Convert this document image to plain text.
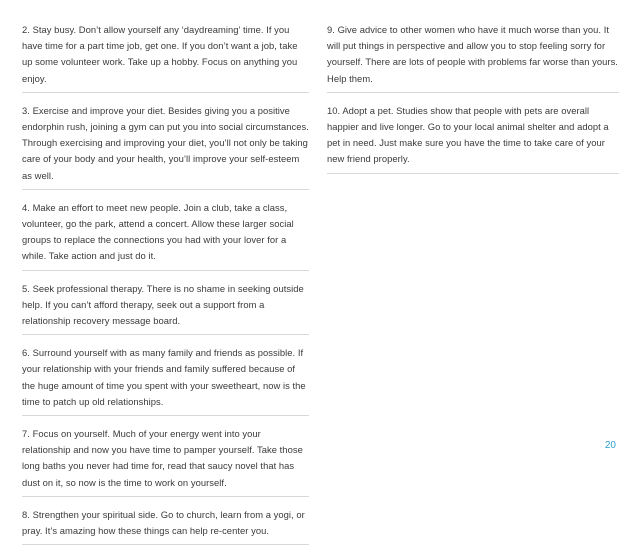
2. Stay busy. Don’t allow yourself any ‘daydreaming’ time. If you have time for a part time job, get one. If you don’t want a job, take up some volunteer work. Take up a hobby. Focus on anything you enjoy.

3. Exercise and improve your diet. Besides giving you a positive endorphin rush, joining a gym can put you into social circumstances. Through exercising and improving your diet, you’ll not only be taking care of your body and your health, you’ll improve your self-esteem as well.

4. Make an effort to meet new people. Join a club, take a class, volunteer, go the park, attend a concert. Allow these larger social groups to replace the connections you had with your lover for a while. Take action and just do it.

5. Seek professional therapy. There is no shame in seeking outside help. If you can’t afford therapy, seek out a support from a relationship recovery message board.

6. Surround yourself with as many family and friends as possible. If your relationship with your friends and family suffered because of the huge amount of time you spent with your sweetheart, now is the time to patch up old relationships.

7. Focus on yourself. Much of your energy went into your relationship and now you have time to pamper yourself. Take those long baths you never had time for, read that saucy novel that has dust on it, so now is the time to work on yourself.

8. Strengthen your spiritual side. Go to church, learn from a yogi, or pray. It’s amazing how these things can help re-center you.

9. Give advice to other women who have it much worse than you. It will put things in perspective and allow you to stop feeling sorry for yourself. There are lots of people with problems far worse than yours. Help them.

10. Adopt a pet. Studies show that people with pets are overall happier and live longer. Go to your local animal shelter and adopt a pet in need. Just make sure you have the time to take care of your new friend properly.

20
